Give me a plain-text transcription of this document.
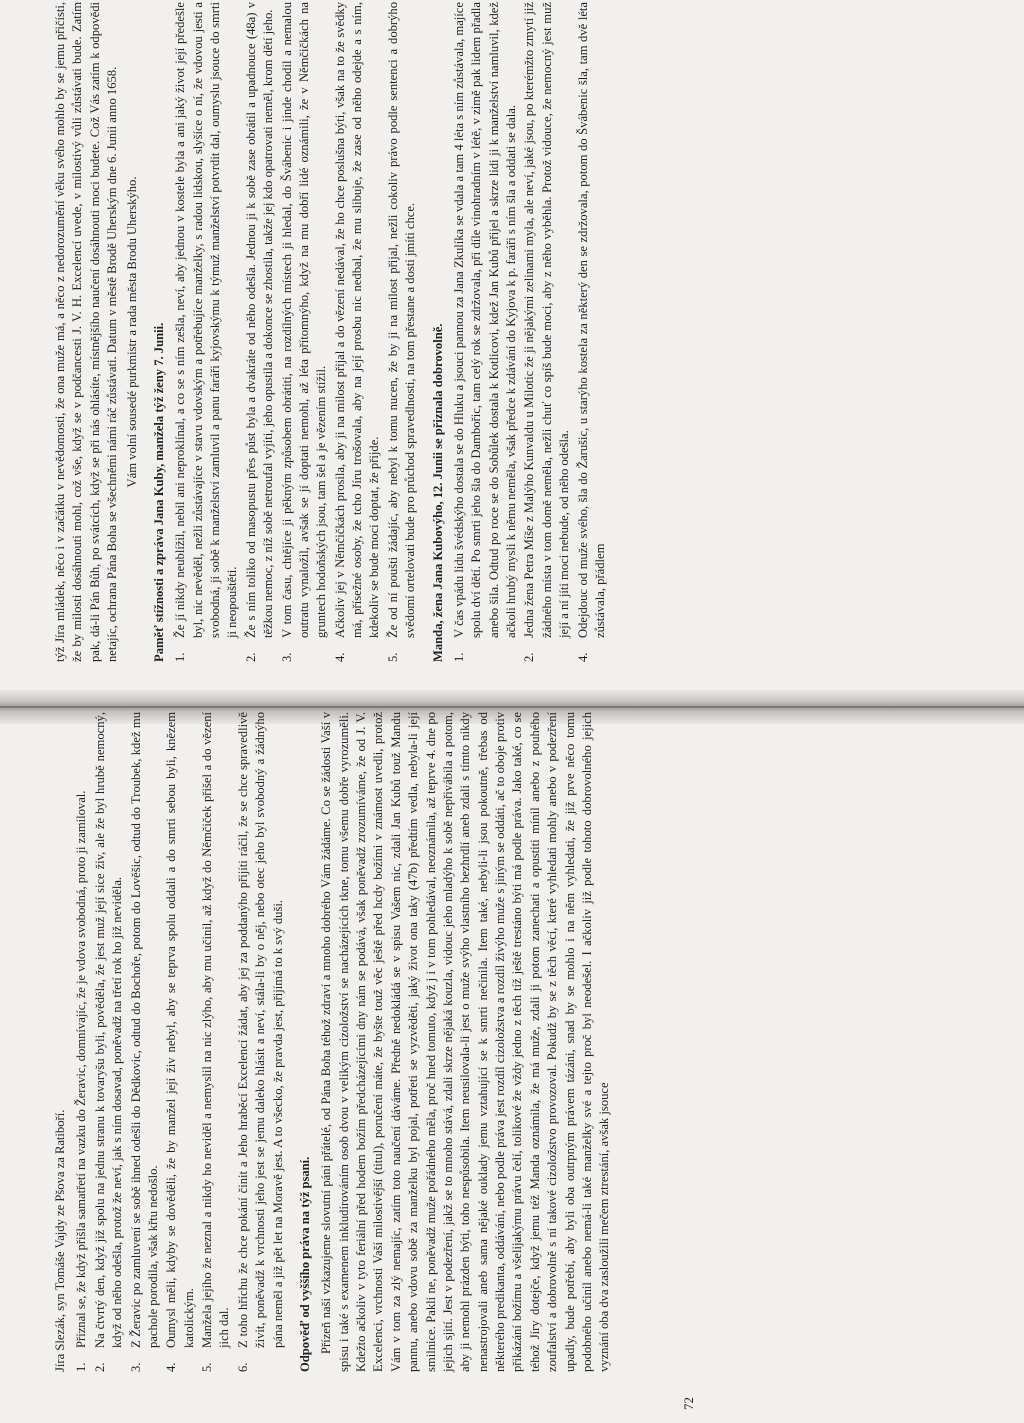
Jíra Slezák, syn Tomáše Vajdy ze Pšova za Ratiboří. 1.
Přiznal se, že když přišla samatřetí na vazku do Žeravic, domnívajíc, že je vdova svobodná, proto ji zamiloval.
2.
Na čtvrtý den, když již spolu na jednu stranu k tovaryšu byli, pověděla, že jest muž její sice živ, ale že byl hrubě nemocný, když od něho odešla, protož že neví, jak s ním dosavad, poněvadž na třetí rok ho již neviděla.
3.
Z Žeravic po zamluvení se sobě ihned odešli do Dědkovic, odtud do Bochoře, potom do Lověšic, odtud do Troubek, kdež mu pachole porodila, však křtu nedošlo.
4.
Oumysl měli, kdyby se dověděli, že by manžel její živ nebyl, aby se teprva spolu oddali a do smrti sebou byli, knězem katolickým.
5.
Manžela jejího že neznal a nikdy ho neviděl a nemyslil na nic zlýho, aby mu učinil, až když do Němčiček přišel a do vězení jich dal.
6.
Z toho hříchu že chce pokání činit a Jeho hraběcí Excelencí žádat, aby jej za poddanýho přijíti ráčil, že se chce spravedlivě živit, poněvadž k vrchnosti jeho jest se jemu daleko hlásit a neví, stála-li by o něj, nebo otec jeho byl svobodný a žádnýho pána neměl a již pět let na Moravě jest. A to všecko, že pravda jest, přijímá to k svý duši. Odpověď od vyššího práva na týž psaní. Přízeň naši vzkazujeme slovutní páni přátelé, od Pána Boha téhož zdraví a mnoho dobrého Vám žádáme. Co se žádosti Vaší v spisu i také s examenem inkludírováním osob dvou v velikým cizoložství se nacházejících tkne, tomu všemu dobře vyrozuměli. Kdežto ačkoliv v tyto feriální před hodem božím předcházejícími dny nám se podává, však poněvadž zrozumíváme, že od J. V. Excelenci, vrchnosti Vaší milostivější (titul), poručení máte, že byšte touž věc ještě před hcdy božími v známost uvedli, protož Vám v tom za zlý nemajíc, zatím toto naučení dáváme. Předně nedokládá se v spisu Vašem nic, zdali Jan Kubů touž Mandu pannu, anebo vdovu sobě za manželku byl pojal, potřeti se vyzvěděti, jaký život ona taky (47b) předtím vedla, nebyla-li její smilnice. Pakli ne, poněvadž muže pořádného měla, proč hned tomuto, když j i v tom pohledával, neoznámila, až teprve 4. dne po jejich sjití. Jest v podezření, jakž se to mnoho stává, zdali skrze nějaká kouzla, vidouc jeho mladýho k sobě nepřivábila a potom, aby ji nemohl prázden býti, toho nespůsobila. Item neusilovala-li jest o muže svýho vlastního bezhrdlí aneb zdali s tímto nikdy nenastrojovali aneb sama nějaké ouklady jemu vztahující se k smrti nečinila. Item také, nebyli-li jsou pokoutně, třebas od některého predikanta, oddáváni, nebo podle práva jest rozdíl cizoložstva a rozdíl živýho muže s jiným se oddáti, ač to oboje protiv přikázání božímu a všelijakýmu právu čelí, tolikové že vždy jedno z těch tíž ještě trestáno býti má podle práva. Jako také, co se téhož Jíry dotejče, když jemu též Manda oznámila, že má muže, zdali ji potom zanechati a opustiti mínil anebo z pouhého zoufalství a dobrovolně s ní takové cizoložstvo provozoval. Pokudž by se z těch věcí, které vyhledati mohly anebo v podezření upadly, bude potřebí, aby byli oba outrpným právem tázáni, snad by se mohlo i na něm vyhledati, že již prve něco tomu podobného učinil anebo nemá-li také manželky své a tejto proč byl neodešel. I ačkoliv již podle tohoto dobrovolného jejich vyznání oba dva zasloužili mečem ztrestání, avšak jsouce

72

týž Jíra mládek, něco i v začátku v nevědomosti, že ona muže má, a něco z nedorozumění věku svého mohlo by se jemu přičísti, že by milosti dosáhnouti mohl, což vše, když se v podčancesti J. V. H. Excelencí uvede, v milostivý vůli zůstávati bude. Zatím pak, dá-li Pán Bůh, po svátcích, když se při nás ohlásíte, místnějšího naučení dosáhnouti moci budete. Což Vás zatím k odpovědi netajíc, ochrana Pána Boha se všechněmi námi ráč zůstávati. Datum v městě Brodě Uherským dne 6. Junii anno 1658. Vám volní sousedé purkmistr a rada města Brodu Uherskýho. Paměť stížnosti a zpráva Jana Kuby, manžela týž ženy 7. Junii. 1.
Že jí nikdy neublížil, nebil ani neproklínal, a co se s ním zešla, neví, aby jednou v kostele byla a ani jaký život její předešle byl, nic nevěděl, nežli zůstávajíce v stavu vdovským a potřebujíce manželky, s radou lidskou, slyšíce o ní, že vdovou jesti a svobodná, ji sobě k manželství zamluvil a panu faráři kyjovskýmu k týmuž manželství potvrdit dal, oumyslu jsouce do smrti ji neopouštěti.
2.
Že s ním toliko od masopustu přes půst byla a dvakráte od něho odešla. Jednou ji k sobě zase obrátil a upadnouce (48a) v těžkou nemoc, z níž sobě netroufal vyjíti, jeho opustila a dokonce se zhostila, takže jej kdo opatrovati neměl, krom dětí jeho.
3.
V tom času, chtějíce ji pěkným způsobem obrátiti, na rozdílných místech ji hledal, do Švábenic i jinde chodil a nemalou outratu vynaložil, avšak se jí doptati nemohl, až léta přítomnýho, když na mu dobří lidé oznámili, že v Němčičkách na gruntech hodoňských jsou, tam šel a je vězením stížil.
4.
Ačkoliv jej v Němčičkách prosila, aby ji na milost přijal a do vězení nedával, že ho chce poslušna býti, však na to že svědky má, přísežné osoby, že tcho Jíru trošovala, aby na její prosbu nic nedbal, že mu slibuje, že zase od něho odejde a s ním, kdekoliv se bude moci doptat, že přijde.
5.
Že od ní poušti žádajíc, aby nebyl k tomu nucen, že by ji na milost přijal, nežli cokoliv právo podle sentenci a dobrýho svědomí ortelovati bude pro průchod spravedlnosti, na tom přestane a dosti jmíti chce. Manda, žena Jana Kubovýho, 12. Junii se přiznala dobrovolně. 1.
V čas vpádu lidu švédskýho dostala se do Hluku a jsouci pannou za Jana Zkulíka se vdala a tam 4 léta s ním zůstávala, majíce spolu dví dětí. Po smrti jeho šla do Dambořic, tam celý rok se zdržovala, při díle vinohradním v létě, v zimě pak lidem přadla anebo šila. Odtud po roce se do Sobůlek dostala k Kotlicovi, kdež Jan Kubů přijel a skrze lidi ji k manželství namluvil, kdež ačkoli hrubý mysli k němu neměla, však předce k zdávání do Kyjova k p. faráři s ním šla a oddati se dala.
2.
Jedna žena Petra Míše z Malýho Kunvaldu u Milotic že ji nějakými zelinami myla, ale neví, jaké jsou, po kterémžto zmytí již žádného místa v tom domě neměla, nežli chuť co spíš bude moci, aby z něho vyběhla. Protož vidouce, že nemocný jest muž její a ní jíti moci nebude, od něho odešla.
4.
Odejdouc od muže svého, šla do Žarušic, u starýho kostela za některý den se zdržovala, potom do Švábenic šla, tam dvě léta zůstávala, přádlem
